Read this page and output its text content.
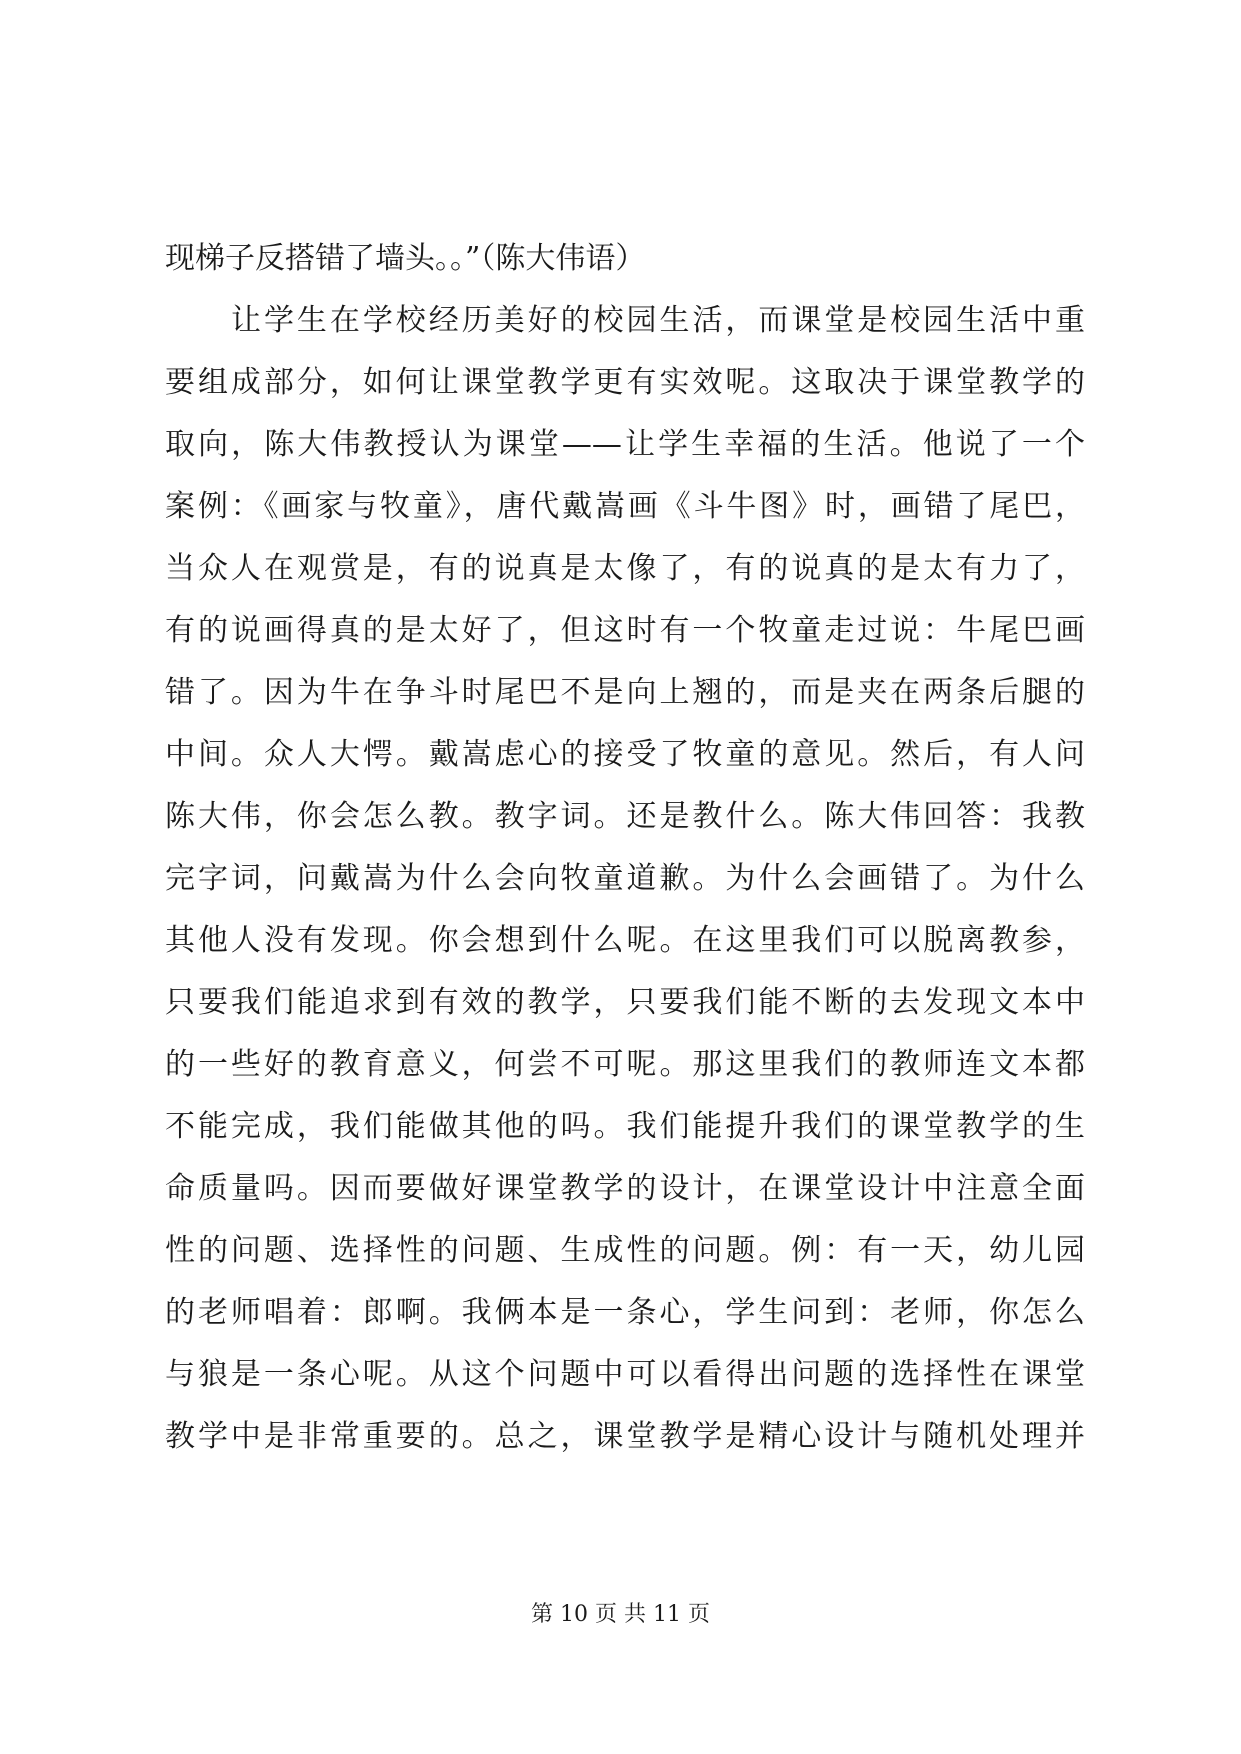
现梯子反搭错了墙头。。”（陈大伟语）
让学生在学校经历美好的校园生活，而课堂是校园生活中重
要组成部分，如何让课堂教学更有实效呢。这取决于课堂教学的
取向，陈大伟教授认为课堂——让学生幸福的生活。他说了一个
案例：《画家与牧童》，唐代戴嵩画《斗牛图》时，画错了尾巴，
当众人在观赏是，有的说真是太像了，有的说真的是太有力了，
有的说画得真的是太好了，但这时有一个牧童走过说：牛尾巴画
错了。因为牛在争斗时尾巴不是向上翘的，而是夹在两条后腿的
中间。众人大愕。戴嵩虑心的接受了牧童的意见。然后，有人问
陈大伟，你会怎么教。教字词。还是教什么。陈大伟回答：我教
完字词，问戴嵩为什么会向牧童道歉。为什么会画错了。为什么
其他人没有发现。你会想到什么呢。在这里我们可以脱离教参，
只要我们能追求到有效的教学，只要我们能不断的去发现文本中
的一些好的教育意义，何尝不可呢。那这里我们的教师连文本都
不能完成，我们能做其他的吗。我们能提升我们的课堂教学的生
命质量吗。因而要做好课堂教学的设计，在课堂设计中注意全面
性的问题、选择性的问题、生成性的问题。例：有一天，幼儿园
的老师唱着：郎啊。我俩本是一条心，学生问到：老师，你怎么
与狼是一条心呢。从这个问题中可以看得出问题的选择性在课堂
教学中是非常重要的。总之，课堂教学是精心设计与随机处理并
第 10 页 共 11 页
